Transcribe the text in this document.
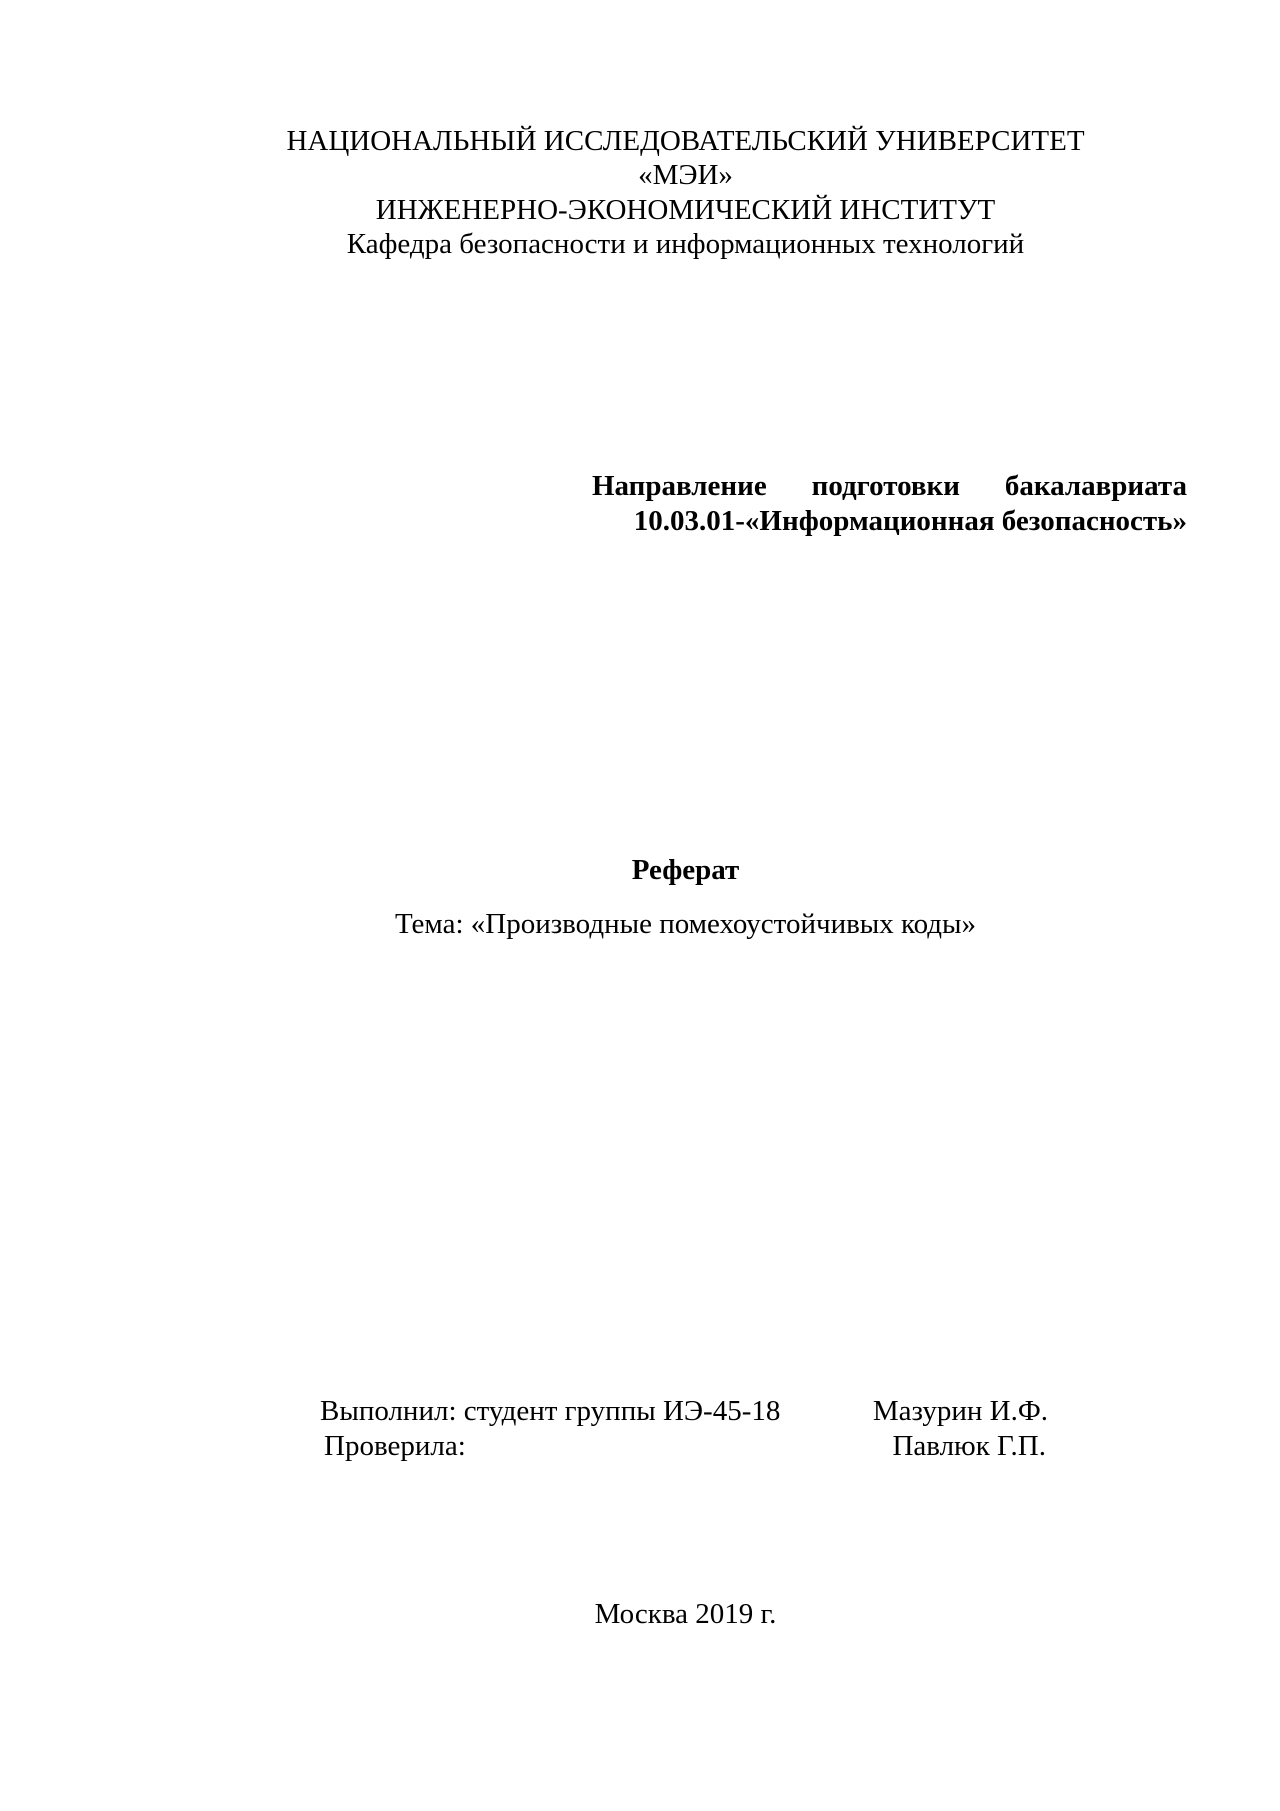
НАЦИОНАЛЬНЫЙ ИССЛЕДОВАТЕЛЬСКИЙ УНИВЕРСИТЕТ
«МЭИ»
ИНЖЕНЕРНО-ЭКОНОМИЧЕСКИЙ ИНСТИТУТ
Кафедра безопасности и информационных технологий
Направление подготовки бакалавриата
10.03.01-«Информационная безопасность»
Реферат
Тема: «Производные помехоустойчивых коды»
Выполнил: студент группы ИЭ-45-18	Мазурин И.Ф.
Проверила:	Павлюк Г.П.
Москва 2019 г.
